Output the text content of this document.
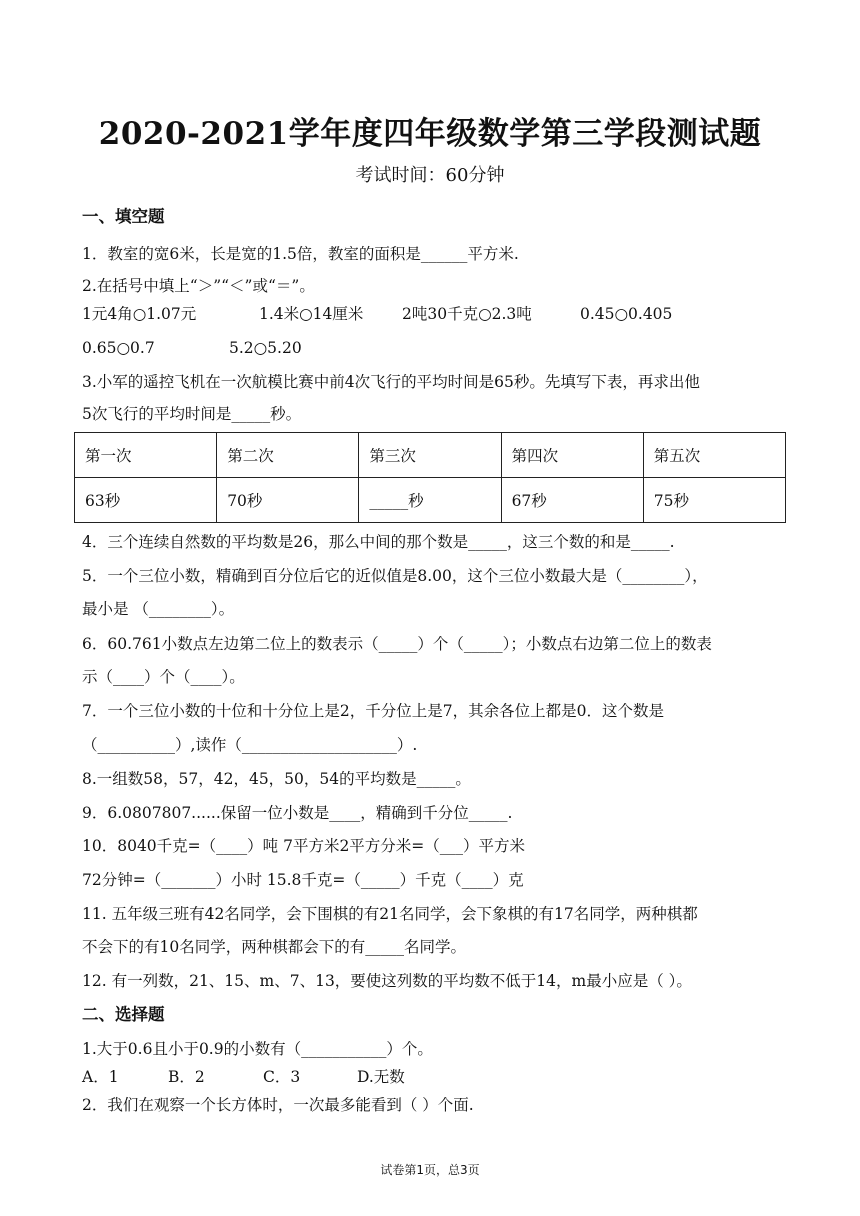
2020-2021学年度四年级数学第三学段测试题
考试时间：60分钟
一、填空题
1．教室的宽6米，长是宽的1.5倍，教室的面积是______平方米.
2.在括号中填上“＞”“＜”或“＝”。
1元4角○1.07元	1.4米○14厘米 2吨30千克○2.3吨	0.45○0.405
0.65○0.7	5.2○5.20
3.小军的遥控飞机在一次航模比赛中前4次飞行的平均时间是65秒。先填写下表，再求出他
5次飞行的平均时间是_____秒。
第一次	第二次	第三次	第四次	第五次
63秒	70秒	_____秒	67秒	75秒
4．三个连续自然数的平均数是26，那么中间的那个数是_____，这三个数的和是_____.
5．一个三位小数，精确到百分位后它的近似值是8.00，这个三位小数最大是（________），
最小是 （________）。
6．60.761小数点左边第二位上的数表示（_____）个（_____）；小数点右边第二位上的数表
示（____）个（____）。
7．一个三位小数的十位和十分位上是2，千分位上是7，其余各位上都是0．这个数是
（__________）,读作（____________________）.
8.一组数58，57，42，45，50，54的平均数是_____。
9．6.0807807......保留一位小数是____，精确到千分位_____.
10．8040千克=（____）吨 7平方米2平方分米=（___）平方米
72分钟=（_______）小时 15.8千克=（_____）千克（____）克
11. 五年级三班有42名同学，会下围棋的有21名同学，会下象棋的有17名同学，两种棋都
不会下的有10名同学，两种棋都会下的有_____名同学。
12. 有一列数，21、15、m、7、13，要使这列数的平均数不低于14，m最小应是（ ）。
二、选择题
1.大于0.6且小于0.9的小数有（___________）个。
A．1	B．2	C．3	D.无数
2．我们在观察一个长方体时，一次最多能看到（ ）个面.
试卷第1页，总3页
